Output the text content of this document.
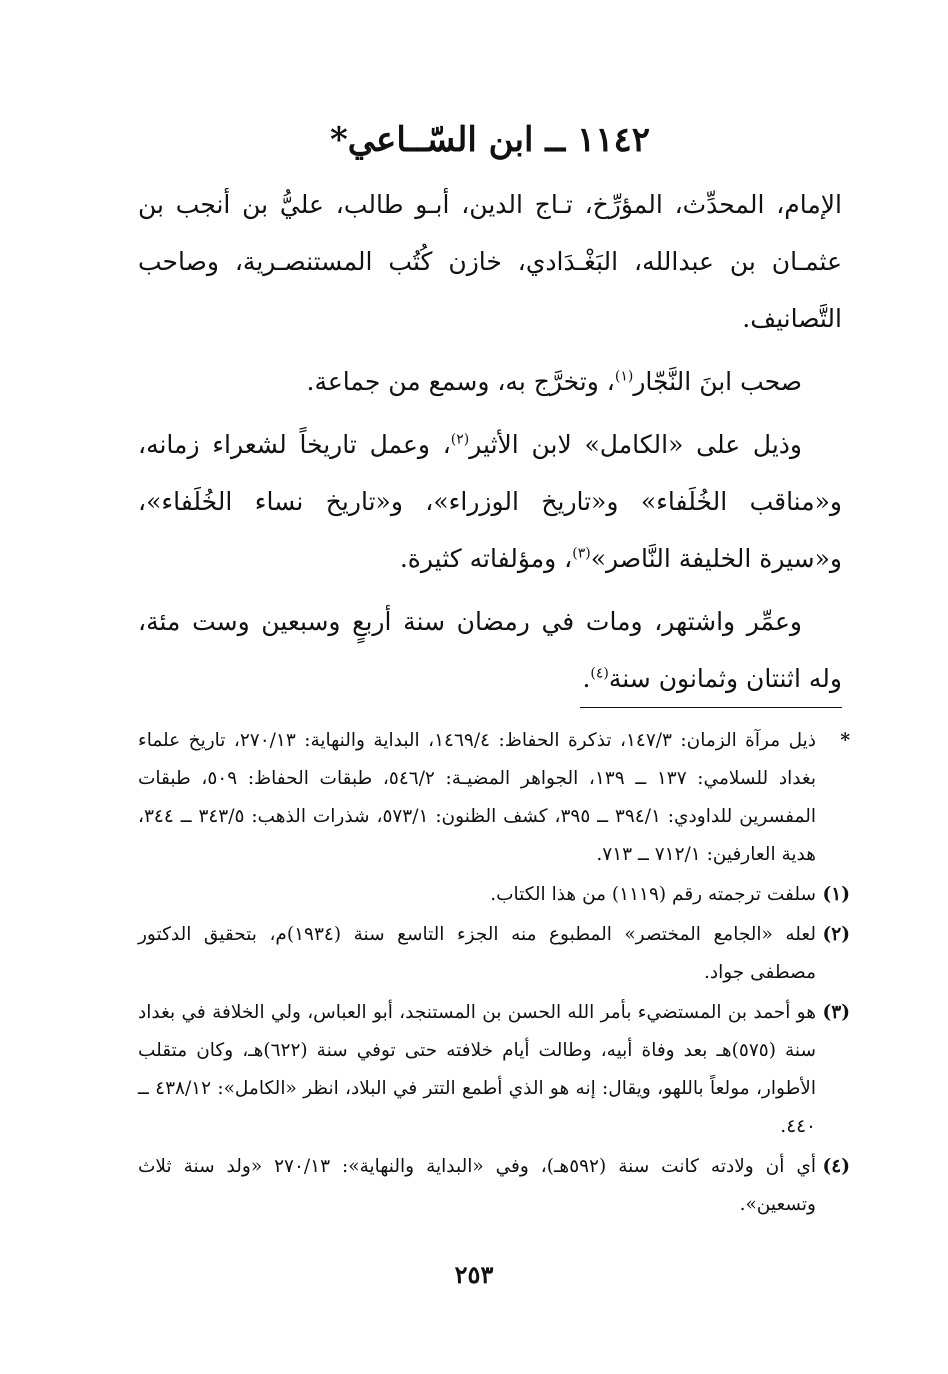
١١٤٢ ــ ابن السّــاعي*

الإمام، المحدِّث، المؤرِّخ، تـاج الدين، أبـو طالب، عليُّ بن أنجب بن عثمـان بن عبدالله، البَغْـدَادي، خازن كُتُب المستنصـرية، وصاحب التَّصانيف.

صحب ابنَ النَّجّار$^{(١)}$، وتخرَّج به، وسمع من جماعة.

وذيل على «الكامل» لابن الأثير$^{(٢)}$، وعمل تاريخاً لشعراء زمانه، و«مناقب الخُلَفاء» و«تاريخ الوزراء»، و«تاريخ نساء الخُلَفاء»، و«سيرة الخليفة النَّاصر»$^{(٣)}$، ومؤلفاته كثيرة.

وعمِّر واشتهر، ومات في رمضان سنة أربعٍ وسبعين وست مئة، وله اثنتان وثمانون سنة$^{(٤)}$.

*
ذيل مرآة الزمان: ١٤٧/٣، تذكرة الحفاظ: ١٤٦٩/٤، البداية والنهاية: ٢٧٠/١٣، تاريخ علماء بغداد للسلامي: ١٣٧ ــ ١٣٩، الجواهر المضيـة: ٥٤٦/٢، طبقات الحفاظ: ٥٠٩، طبقات المفسرين للداودي: ٣٩٤/١ ــ ٣٩٥، كشف الظنون: ٥٧٣/١، شذرات الذهب: ٣٤٣/٥ ــ ٣٤٤، هدية العارفين: ٧١٢/١ ــ ٧١٣.
(١)
سلفت ترجمته رقم (١١١٩) من هذا الكتاب.
(٢)
لعله «الجامع المختصر» المطبوع منه الجزء التاسع سنة (١٩٣٤)م، بتحقيق الدكتور مصطفى جواد.
(٣)
هو أحمد بن المستضيء بأمر الله الحسن بن المستنجد، أبو العباس، ولي الخلافة في بغداد سنة (٥٧٥)هـ بعد وفاة أبيه، وطالت أيام خلافته حتى توفي سنة (٦٢٢)هـ، وكان متقلب الأطوار، مولعاً باللهو، ويقال: إنه هو الذي أطمع التتر في البلاد، انظر «الكامل»: ٤٣٨/١٢ ــ ٤٤٠.
(٤)
أي أن ولادته كانت سنة (٥٩٢هـ)، وفي «البداية والنهاية»: ٢٧٠/١٣ «ولد سنة ثلاث وتسعين».
٢٥٣
